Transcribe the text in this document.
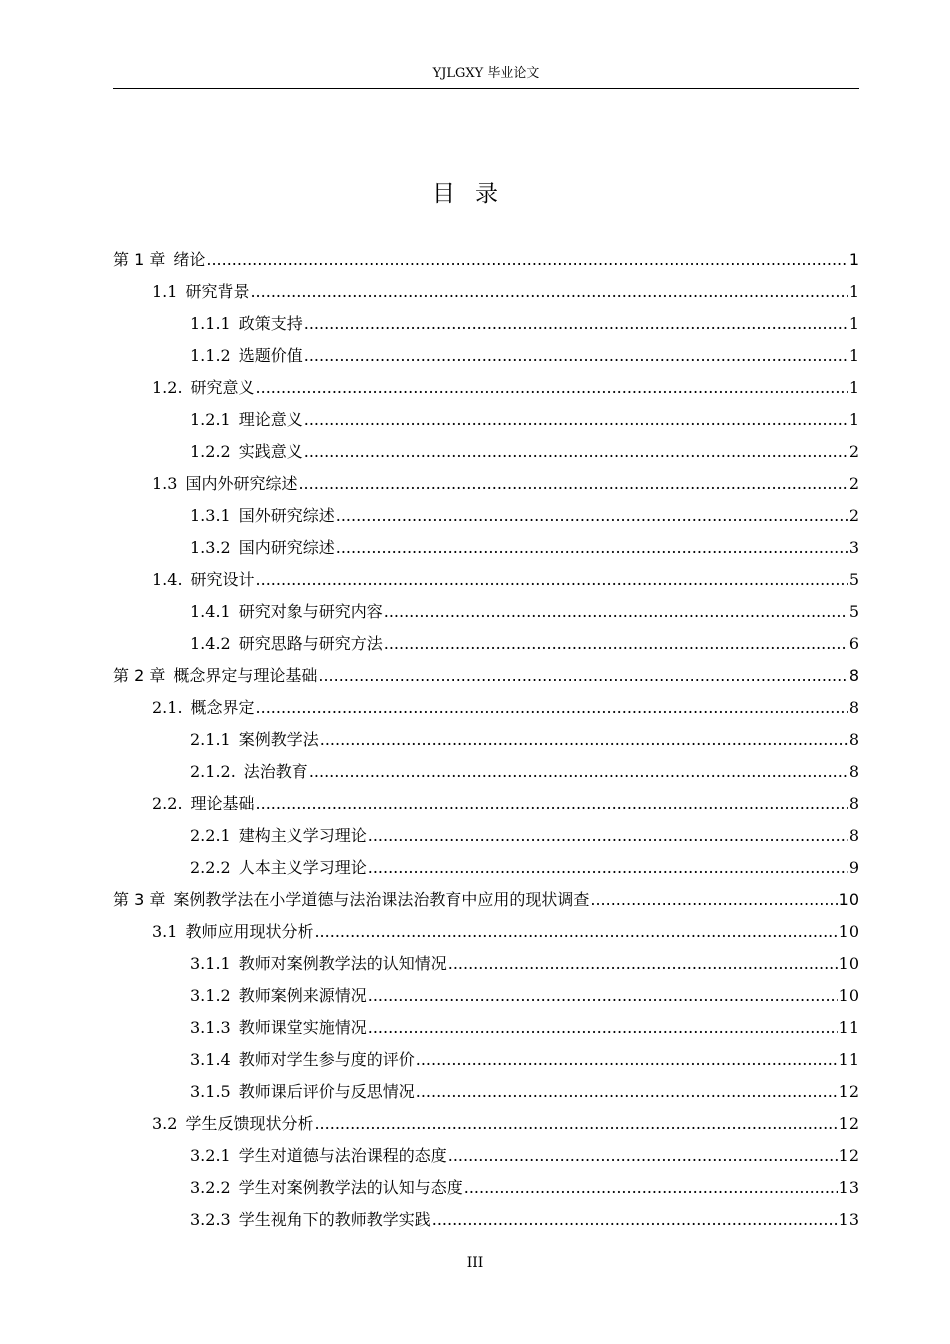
YJLGXY 毕业论文
目录
第 1 章 绪论 .....	1
1.1 研究背景 .....	1
1.1.1 政策支持 .....	1
1.1.2 选题价值 .....	1
1.2. 研究意义 .....	1
1.2.1 理论意义 .....	1
1.2.2 实践意义 .....	2
1.3 国内外研究综述 .....	2
1.3.1 国外研究综述 .....	2
1.3.2 国内研究综述 .....	3
1.4. 研究设计 .....	5
1.4.1 研究对象与研究内容 .....	5
1.4.2 研究思路与研究方法 .....	6
第 2 章 概念界定与理论基础 .....	8
2.1. 概念界定 .....	8
2.1.1 案例教学法 .....	8
2.1.2. 法治教育 .....	8
2.2. 理论基础 .....	8
2.2.1 建构主义学习理论 .....	8
2.2.2 人本主义学习理论 .....	9
第 3 章 案例教学法在小学道德与法治课法治教育中应用的现状调查 .....	10
3.1 教师应用现状分析 .....	10
3.1.1 教师对案例教学法的认知情况 .....	10
3.1.2 教师案例来源情况 .....	10
3.1.3 教师课堂实施情况 .....	11
3.1.4 教师对学生参与度的评价 .....	11
3.1.5 教师课后评价与反思情况 .....	12
3.2 学生反馈现状分析 .....	12
3.2.1 学生对道德与法治课程的态度 .....	12
3.2.2 学生对案例教学法的认知与态度 .....	13
3.2.3 学生视角下的教师教学实践 .....	13
III
